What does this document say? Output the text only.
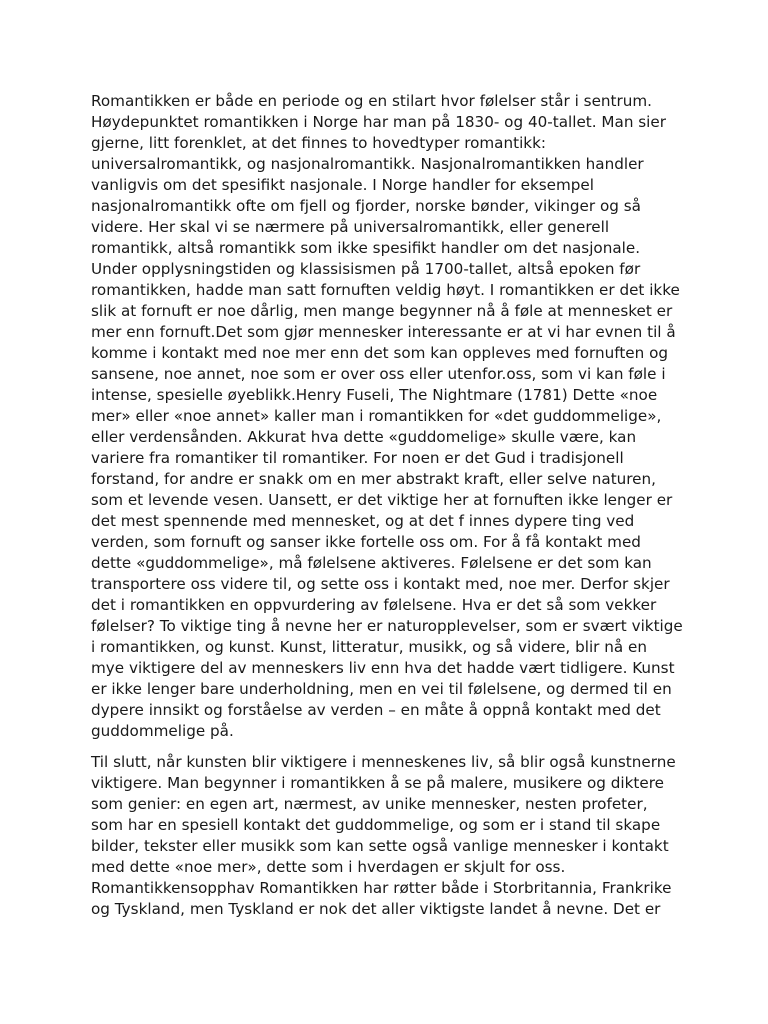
Romantikken er både en periode og en stilart hvor følelser står i sentrum.
Høydepunktet romantikken i Norge har man på 1830- og 40-tallet. Man sier
gjerne, litt forenklet, at det finnes to hovedtyper romantikk:
universalromantikk, og nasjonalromantikk. Nasjonalromantikken handler
vanligvis om det spesifikt nasjonale. I Norge handler for eksempel
nasjonalromantikk ofte om fjell og fjorder, norske bønder, vikinger og så
videre. Her skal vi se nærmere på universalromantikk, eller generell
romantikk, altså romantikk som ikke spesifikt handler om det nasjonale.
Under opplysningstiden og klassisismen på 1700-tallet, altså epoken før
romantikken, hadde man satt fornuften veldig høyt. I romantikken er det ikke
slik at fornuft er noe dårlig, men mange begynner nå å føle at mennesket er
mer enn fornuft.Det som gjør mennesker interessante er at vi har evnen til å
komme i kontakt med noe mer enn det som kan oppleves med fornuften og
sansene, noe annet, noe som er over oss eller utenfor.oss, som vi kan føle i
intense, spesielle øyeblikk.Henry Fuseli, The Nightmare (1781) Dette «noe
mer» eller «noe annet» kaller man i romantikken for «det guddommelige»,
eller verdensånden. Akkurat hva dette «guddomelige» skulle være, kan
variere fra romantiker til romantiker. For noen er det Gud i tradisjonell
forstand, for andre er snakk om en mer abstrakt kraft, eller selve naturen,
som et levende vesen. Uansett, er det viktige her at fornuften ikke lenger er
det mest spennende med mennesket, og at det f innes dypere ting ved
verden, som fornuft og sanser ikke fortelle oss om. For å få kontakt med
dette «guddommelige», må følelsene aktiveres. Følelsene er det som kan
transportere oss videre til, og sette oss i kontakt med, noe mer. Derfor skjer
det i romantikken en oppvurdering av følelsene. Hva er det så som vekker
følelser? To viktige ting å nevne her er naturopplevelser, som er svært viktige
i romantikken, og kunst. Kunst, litteratur, musikk, og så videre, blir nå en
mye viktigere del av menneskers liv enn hva det hadde vært tidligere. Kunst
er ikke lenger bare underholdning, men en vei til følelsene, og dermed til en
dypere innsikt og forståelse av verden – en måte å oppnå kontakt med det
guddommelige på.

Til slutt, når kunsten blir viktigere i menneskenes liv, så blir også kunstnerne
viktigere. Man begynner i romantikken å se på malere, musikere og diktere
som genier: en egen art, nærmest, av unike mennesker, nesten profeter,
som har en spesiell kontakt det guddommelige, og som er i stand til skape
bilder, tekster eller musikk som kan sette også vanlige mennesker i kontakt
med dette «noe mer», dette som i hverdagen er skjult for oss.
Romantikkensopphav Romantikken har røtter både i Storbritannia, Frankrike
og Tyskland, men Tyskland er nok det aller viktigste landet å nevne. Det er
